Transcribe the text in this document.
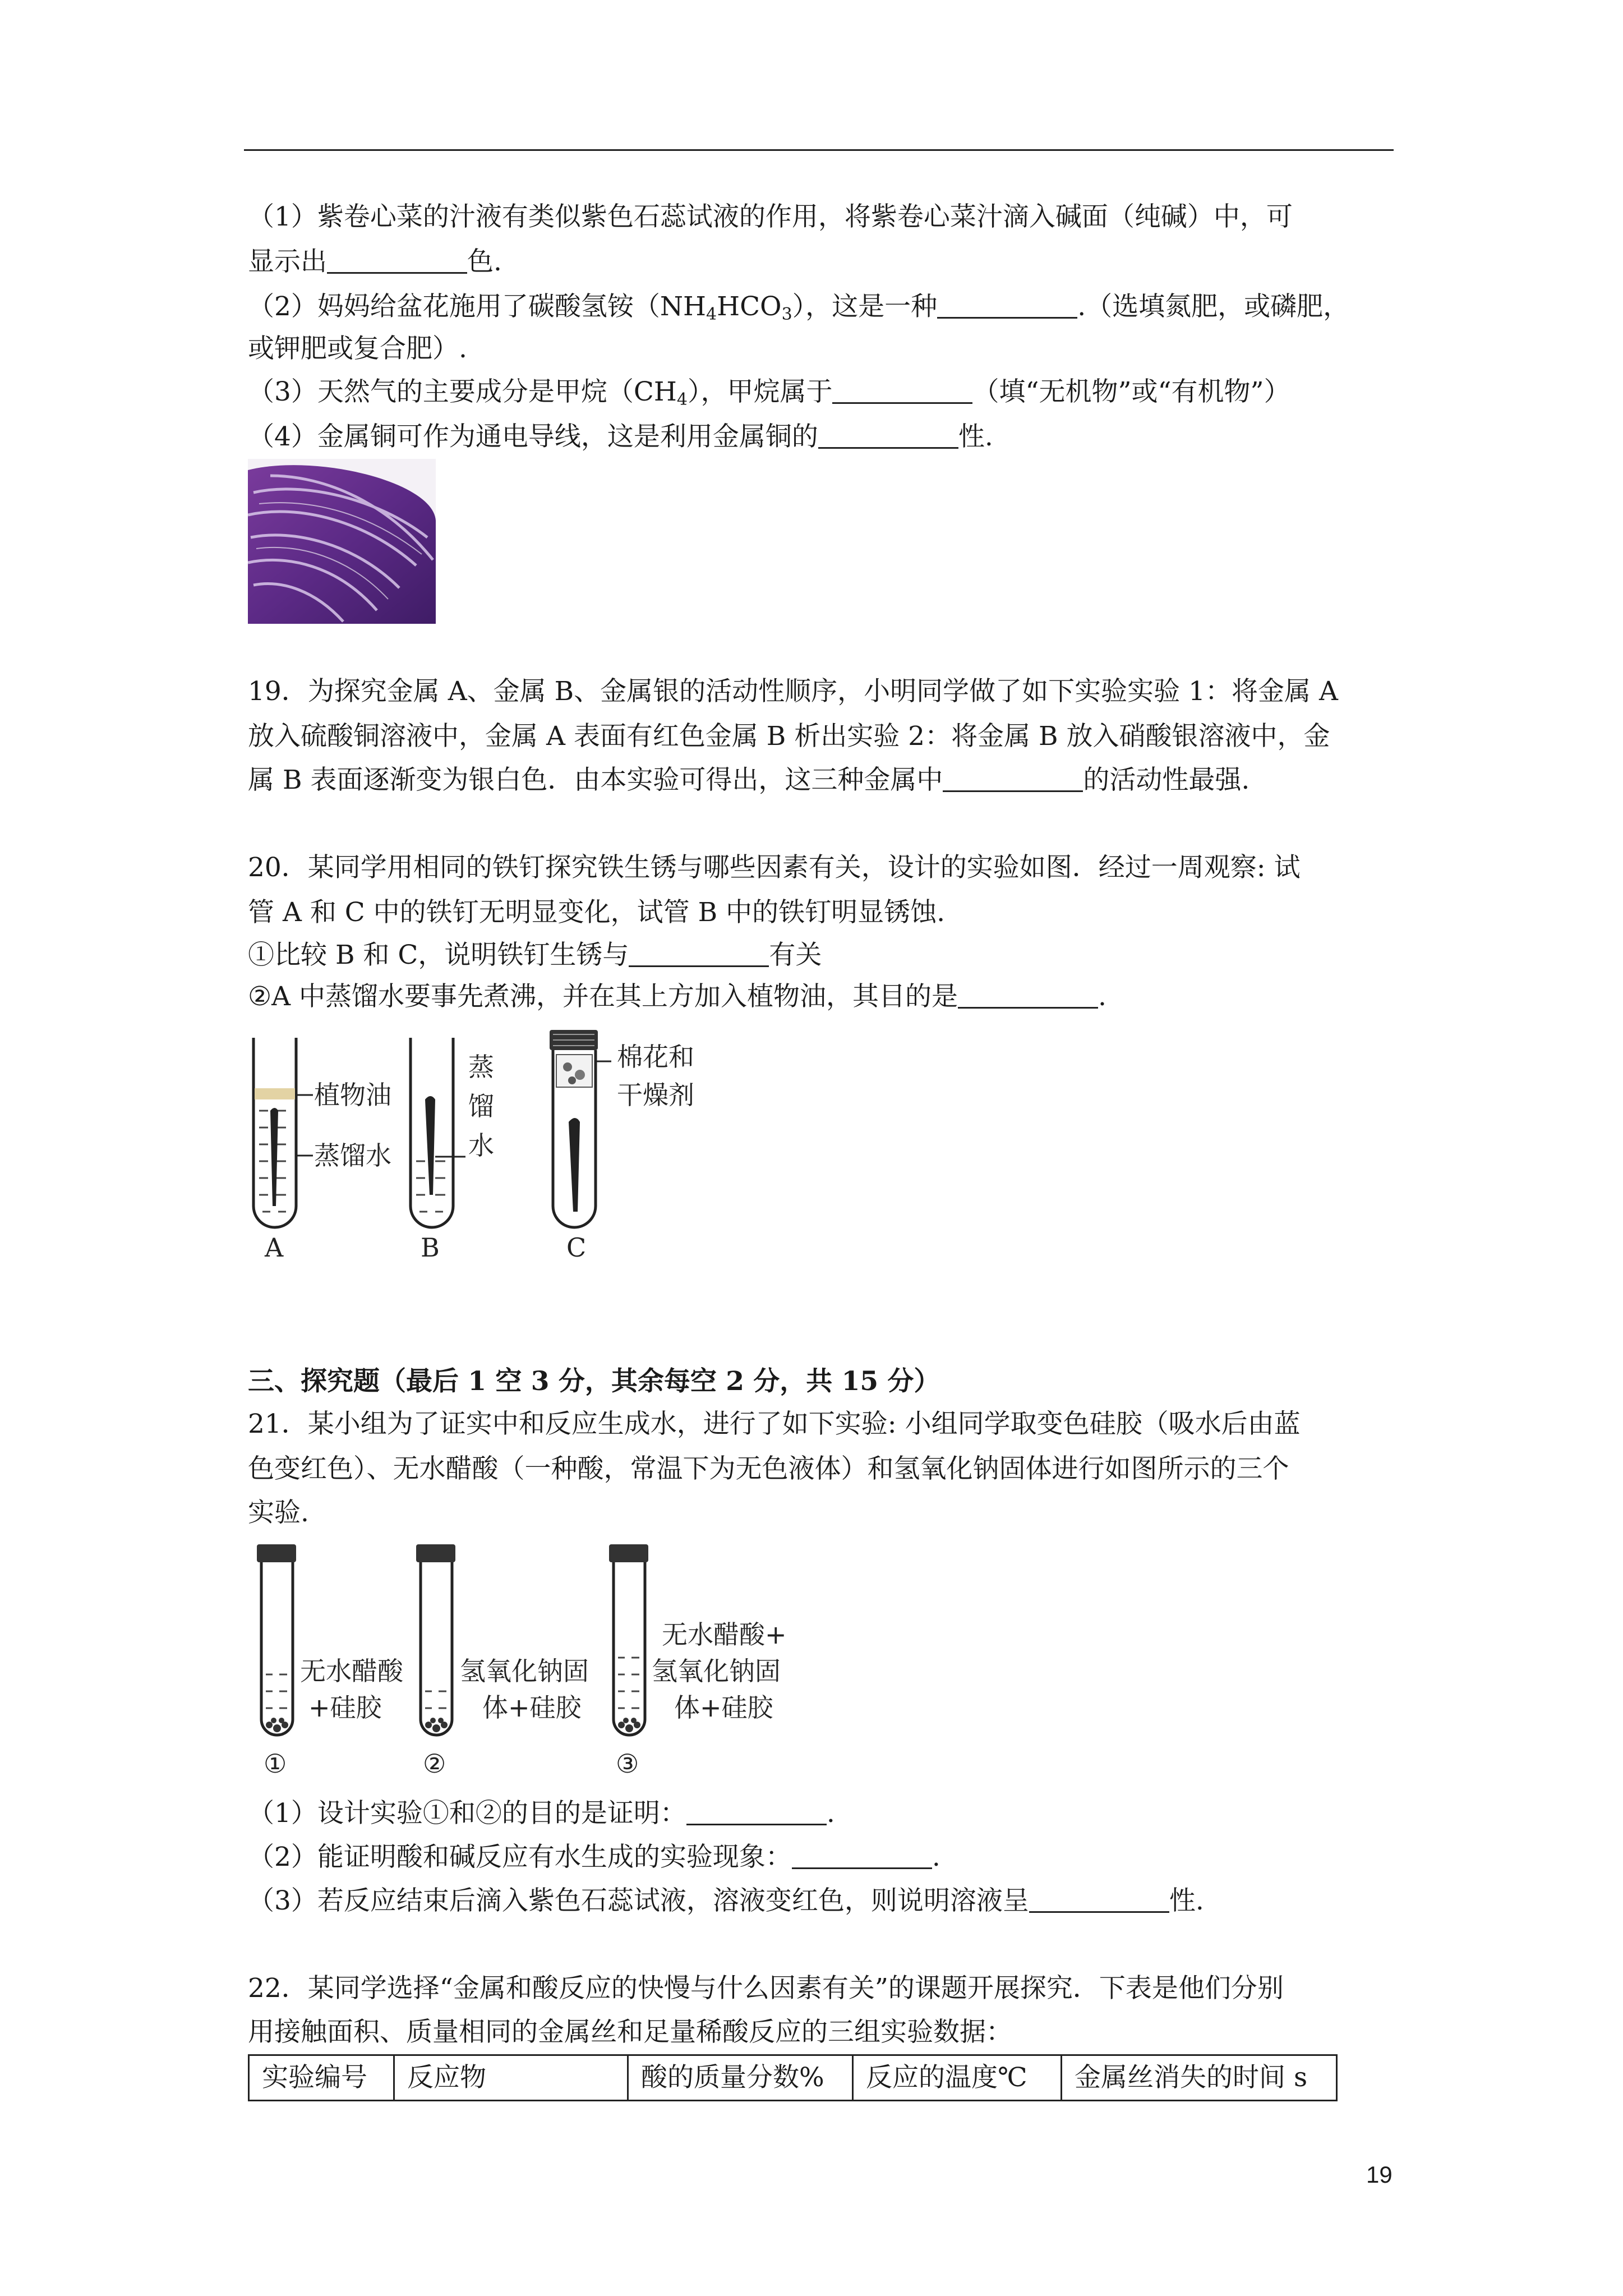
（1）紫卷心菜的汁液有类似紫色石蕊试液的作用，将紫卷心菜汁滴入碱面（纯碱）中，可
显示出	色.
（2）妈妈给盆花施用了碳酸氢铵$(NH_4HCO_3)$，这是一种	.（选填氮肥，或磷肥，
或钾肥或复合肥）.
（3）天然气的主要成分是甲烷$(CH_4)$，甲烷属于	（填“无机物”或“有机物”）
（4）金属铜可作为通电导线，这是利用金属铜的	性.
19．为探究金属 A、金属 B、金属银的活动性顺序，小明同学做了如下实验实验 1：将金属 A
放入硫酸铜溶液中，金属 A 表面有红色金属 B 析出实验 2：将金属 B 放入硝酸银溶液中，金
属 B 表面逐渐变为银白色．由本实验可得出，这三种金属中	的活动性最强.
20．某同学用相同的铁钉探究铁生锈与哪些因素有关，设计的实验如图．经过一周观察: 试
管 A 和 C 中的铁钉无明显变化，试管 B 中的铁钉明显锈蚀.
①比较 B 和 C，说明铁钉生锈与	有关
②A 中蒸馏水要事先煮沸，并在其上方加入植物油，其目的是	.
植物油
蒸馏水
A
蒸
馏
水
B
棉花和
干燥剂
C
三、探究题（最后 1 空 3 分，其余每空 2 分，共 15 分）
21．某小组为了证实中和反应生成水，进行了如下实验: 小组同学取变色硅胶（吸水后由蓝
色变红色）、无水醋酸（一种酸，常温下为无色液体）和氢氧化钠固体进行如图所示的三个
实验.
无水醋酸
+硅胶
①
氢氧化钠固
体+硅胶
②
无水醋酸+
氢氧化钠固
体+硅胶
③
（1）设计实验①和②的目的是证明：	.
（2）能证明酸和碱反应有水生成的实验现象：	.
（3）若反应结束后滴入紫色石蕊试液，溶液变红色，则说明溶液呈	性.
22．某同学选择“金属和酸反应的快慢与什么因素有关”的课题开展探究．下表是他们分别
用接触面积、质量相同的金属丝和足量稀酸反应的三组实验数据：
实验编号	反应物	酸的质量分数%	反应的温度℃	金属丝消失的时间 s
19
